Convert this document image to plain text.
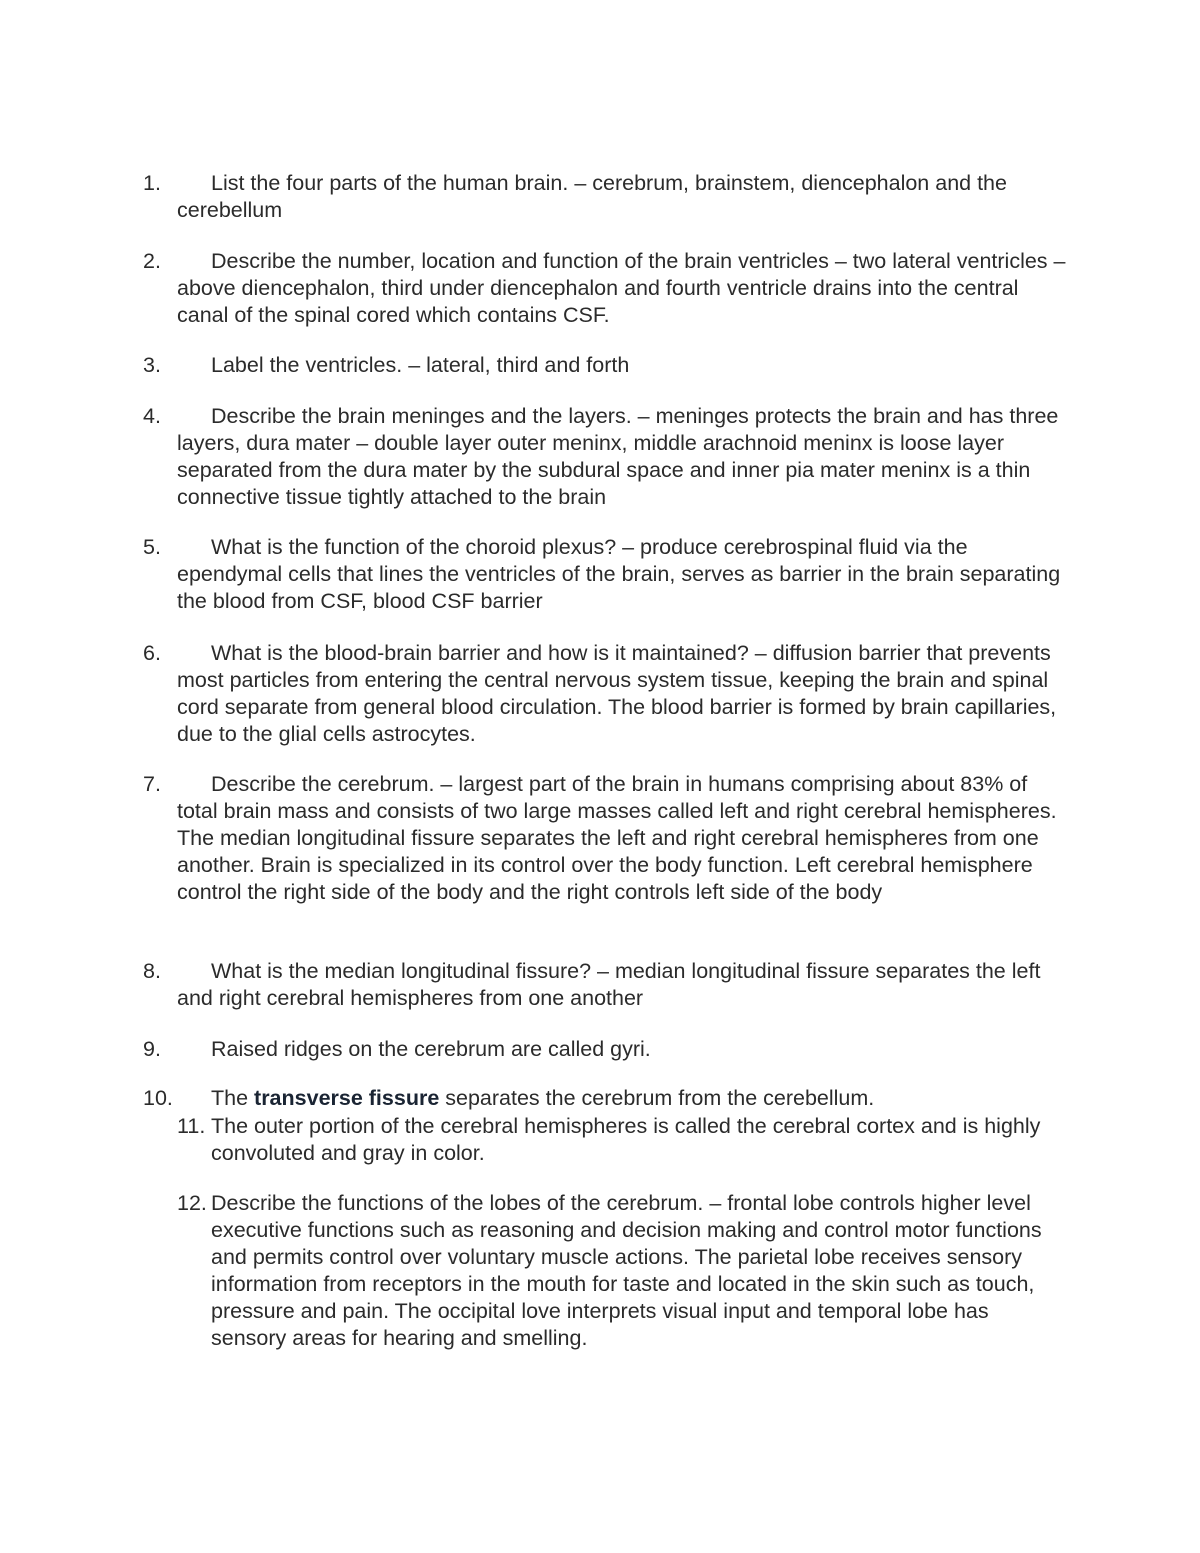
1.	List the four parts of the human brain. – cerebrum, brainstem, diencephalon and the cerebellum
2.	Describe the number, location and function of the brain ventricles – two lateral ventricles – above diencephalon, third under diencephalon and fourth ventricle drains into the central canal of the spinal cored which contains CSF.
3.	Label the ventricles. – lateral, third and forth
4.	Describe the brain meninges and the layers. – meninges protects the brain and has three layers, dura mater – double layer outer meninx, middle arachnoid meninx is loose layer separated from the dura mater by the subdural space and inner pia mater meninx is a thin connective tissue tightly attached to the brain
5.	What is the function of the choroid plexus? – produce cerebrospinal fluid via the ependymal cells that lines the ventricles of the brain, serves as barrier in the brain separating the blood from CSF, blood CSF barrier
6.	What is the blood-brain barrier and how is it maintained? – diffusion barrier that prevents most particles from entering the central nervous system tissue, keeping the brain and spinal cord separate from general blood circulation. The blood barrier is formed by brain capillaries, due to the glial cells astrocytes.
7.	Describe the cerebrum. – largest part of the brain in humans comprising about 83% of total brain mass and consists of two large masses called left and right cerebral hemispheres. The median longitudinal fissure separates the left and right cerebral hemispheres from one another. Brain is specialized in its control over the body function. Left cerebral hemisphere control the right side of the body and the right controls left side of the body
8.	What is the median longitudinal fissure? – median longitudinal fissure separates the left and right cerebral hemispheres from one another
9.	Raised ridges on the cerebrum are called gyri.
10.	The transverse fissure separates the cerebrum from the cerebellum.
11. The outer portion of the cerebral hemispheres is called the cerebral cortex and is highly convoluted and gray in color.
12. Describe the functions of the lobes of the cerebrum. – frontal lobe controls higher level executive functions such as reasoning and decision making and control motor functions and permits control over voluntary muscle actions. The parietal lobe receives sensory information from receptors in the mouth for taste and located in the skin such as touch, pressure and pain. The occipital love interprets visual input and temporal lobe has sensory areas for hearing and smelling.
